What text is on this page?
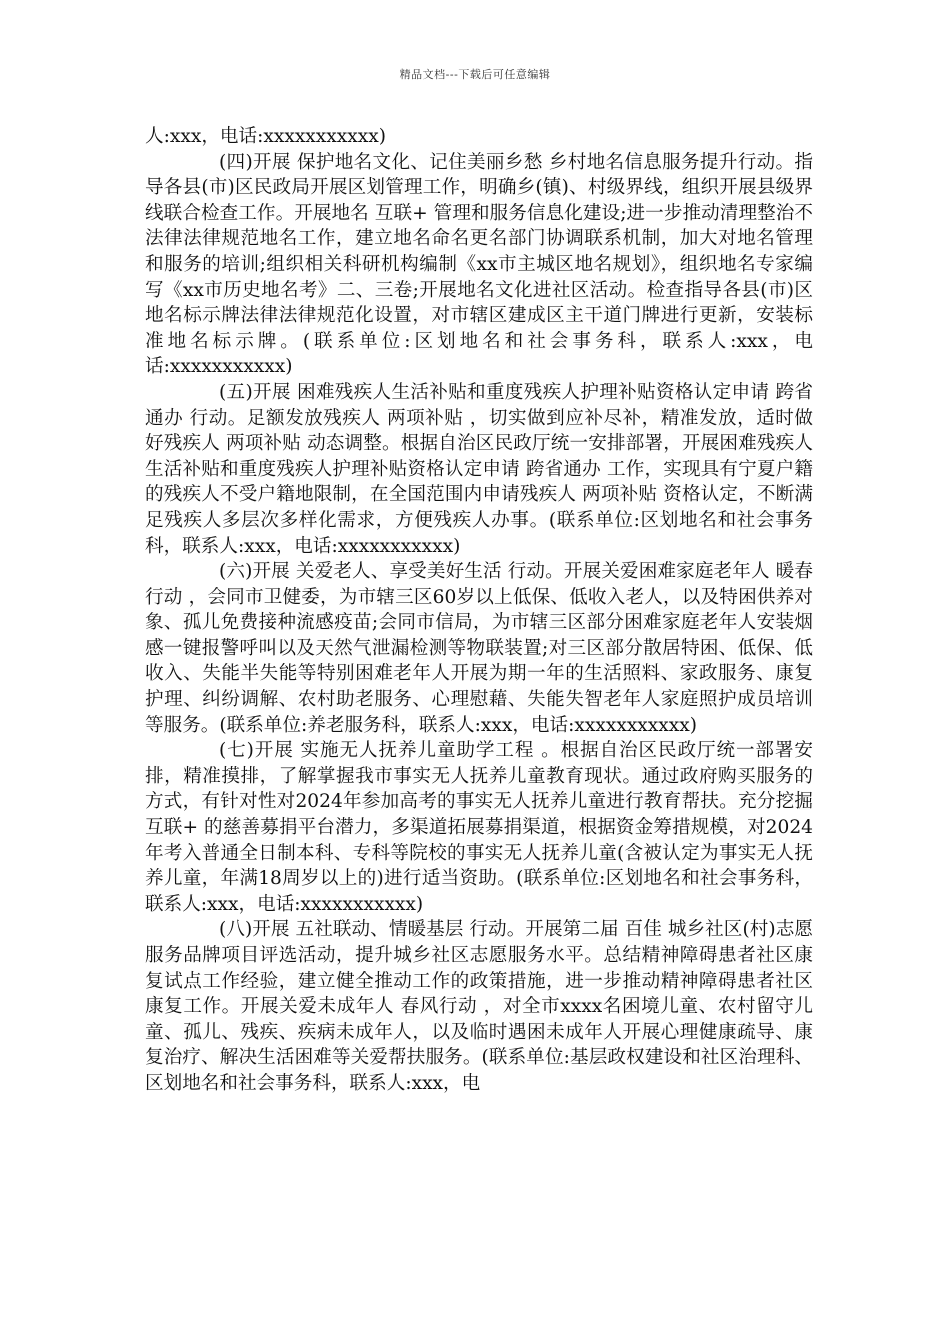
精品文档---下载后可任意编辑

人:xxx，电话:xxxxxxxxxxx)

(四)开展 保护地名文化、记住美丽乡愁 乡村地名信息服务提升行动。指导各县(市)区民政局开展区划管理工作，明确乡(镇)、村级界线，组织开展县级界线联合检查工作。开展地名 互联+ 管理和服务信息化建设;进一步推动清理整治不法律法律规范地名工作，建立地名命名更名部门协调联系机制，加大对地名管理和服务的培训;组织相关科研机构编制《xx市主城区地名规划》，组织地名专家编写《xx市历史地名考》二、三卷;开展地名文化进社区活动。检查指导各县(市)区地名标示牌法律法律规范化设置，对市辖区建成区主干道门牌进行更新，安装标准地名标示牌。(联系单位:区划地名和社会事务科，联系人:xxx，电话:xxxxxxxxxxx)

(五)开展 困难残疾人生活补贴和重度残疾人护理补贴资格认定申请 跨省通办 行动。足额发放残疾人 两项补贴 ，切实做到应补尽补，精准发放，适时做好残疾人 两项补贴 动态调整。根据自治区民政厅统一安排部署，开展困难残疾人生活补贴和重度残疾人护理补贴资格认定申请 跨省通办 工作，实现具有宁夏户籍的残疾人不受户籍地限制，在全国范围内申请残疾人 两项补贴 资格认定，不断满足残疾人多层次多样化需求，方便残疾人办事。(联系单位:区划地名和社会事务科，联系人:xxx，电话:xxxxxxxxxxx)

(六)开展 关爱老人、享受美好生活 行动。开展关爱困难家庭老年人 暖春行动 ，会同市卫健委，为市辖三区60岁以上低保、低收入老人，以及特困供养对象、孤儿免费接种流感疫苗;会同市信局，为市辖三区部分困难家庭老年人安装烟感一键报警呼叫以及天然气泄漏检测等物联装置;对三区部分散居特困、低保、低收入、失能半失能等特别困难老年人开展为期一年的生活照料、家政服务、康复护理、纠纷调解、农村助老服务、心理慰藉、失能失智老年人家庭照护成员培训等服务。(联系单位:养老服务科，联系人:xxx，电话:xxxxxxxxxxx)

(七)开展 实施无人抚养儿童助学工程 。根据自治区民政厅统一部署安排，精准摸排，了解掌握我市事实无人抚养儿童教育现状。通过政府购买服务的方式，有针对性对2024年参加高考的事实无人抚养儿童进行教育帮扶。充分挖掘 互联+ 的慈善募捐平台潜力，多渠道拓展募捐渠道，根据资金筹措规模，对2024年考入普通全日制本科、专科等院校的事实无人抚养儿童(含被认定为事实无人抚养儿童，年满18周岁以上的)进行适当资助。(联系单位:区划地名和社会事务科，联系人:xxx，电话:xxxxxxxxxxx)

(八)开展 五社联动、情暖基层 行动。开展第二届 百佳 城乡社区(村)志愿服务品牌项目评选活动，提升城乡社区志愿服务水平。总结精神障碍患者社区康复试点工作经验，建立健全推动工作的政策措施，进一步推动精神障碍患者社区康复工作。开展关爱未成年人 春风行动 ，对全市xxxx名困境儿童、农村留守儿童、孤儿、残疾、疾病未成年人，以及临时遇困未成年人开展心理健康疏导、康复治疗、解决生活困难等关爱帮扶服务。(联系单位:基层政权建设和社区治理科、区划地名和社会事务科，联系人:xxx，电
